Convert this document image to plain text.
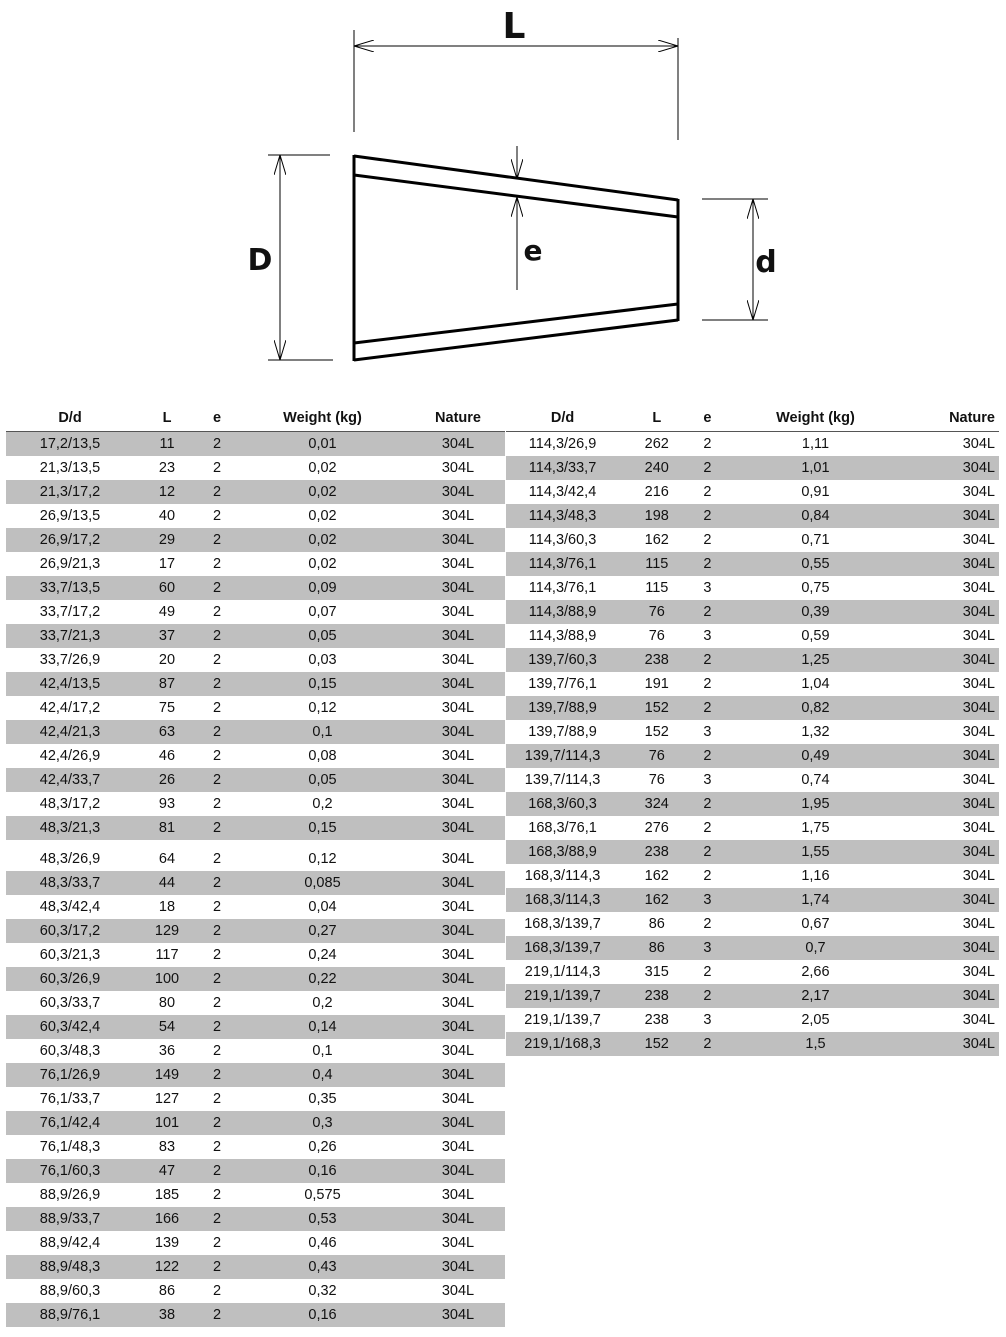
L
D	d
e
D/d	L	e	Weight (kg)	Nature
17,2/13,5	11	2	0,01	304L
21,3/13,5	23	2	0,02	304L
21,3/17,2	12	2	0,02	304L
26,9/13,5	40	2	0,02	304L
26,9/17,2	29	2	0,02	304L
26,9/21,3	17	2	0,02	304L
33,7/13,5	60	2	0,09	304L
33,7/17,2	49	2	0,07	304L
33,7/21,3	37	2	0,05	304L
33,7/26,9	20	2	0,03	304L
42,4/13,5	87	2	0,15	304L
42,4/17,2	75	2	0,12	304L
42,4/21,3	63	2	0,1	304L
42,4/26,9	46	2	0,08	304L
42,4/33,7	26	2	0,05	304L
48,3/17,2	93	2	0,2	304L
48,3/21,3	81	2	0,15	304L
48,3/26,9	64	2	0,12	304L
48,3/33,7	44	2	0,085	304L
48,3/42,4	18	2	0,04	304L
60,3/17,2	129	2	0,27	304L
60,3/21,3	117	2	0,24	304L
60,3/26,9	100	2	0,22	304L
60,3/33,7	80	2	0,2	304L
60,3/42,4	54	2	0,14	304L
60,3/48,3	36	2	0,1	304L
76,1/26,9	149	2	0,4	304L
76,1/33,7	127	2	0,35	304L
76,1/42,4	101	2	0,3	304L
76,1/48,3	83	2	0,26	304L
76,1/60,3	47	2	0,16	304L
88,9/26,9	185	2	0,575	304L
88,9/33,7	166	2	0,53	304L
88,9/42,4	139	2	0,46	304L
88,9/48,3	122	2	0,43	304L
88,9/60,3	86	2	0,32	304L
88,9/76,1	38	2	0,16	304L
D/d	L	e	Weight (kg)	Nature
114,3/26,9	262	2	1,11	304L
114,3/33,7	240	2	1,01	304L
114,3/42,4	216	2	0,91	304L
114,3/48,3	198	2	0,84	304L
114,3/60,3	162	2	0,71	304L
114,3/76,1	115	2	0,55	304L
114,3/76,1	115	3	0,75	304L
114,3/88,9	76	2	0,39	304L
114,3/88,9	76	3	0,59	304L
139,7/60,3	238	2	1,25	304L
139,7/76,1	191	2	1,04	304L
139,7/88,9	152	2	0,82	304L
139,7/88,9	152	3	1,32	304L
139,7/114,3	76	2	0,49	304L
139,7/114,3	76	3	0,74	304L
168,3/60,3	324	2	1,95	304L
168,3/76,1	276	2	1,75	304L
168,3/88,9	238	2	1,55	304L
168,3/114,3	162	2	1,16	304L
168,3/114,3	162	3	1,74	304L
168,3/139,7	86	2	0,67	304L
168,3/139,7	86	3	0,7	304L
219,1/114,3	315	2	2,66	304L
219,1/139,7	238	2	2,17	304L
219,1/139,7	238	3	2,05	304L
219,1/168,3	152	2	1,5	304L
